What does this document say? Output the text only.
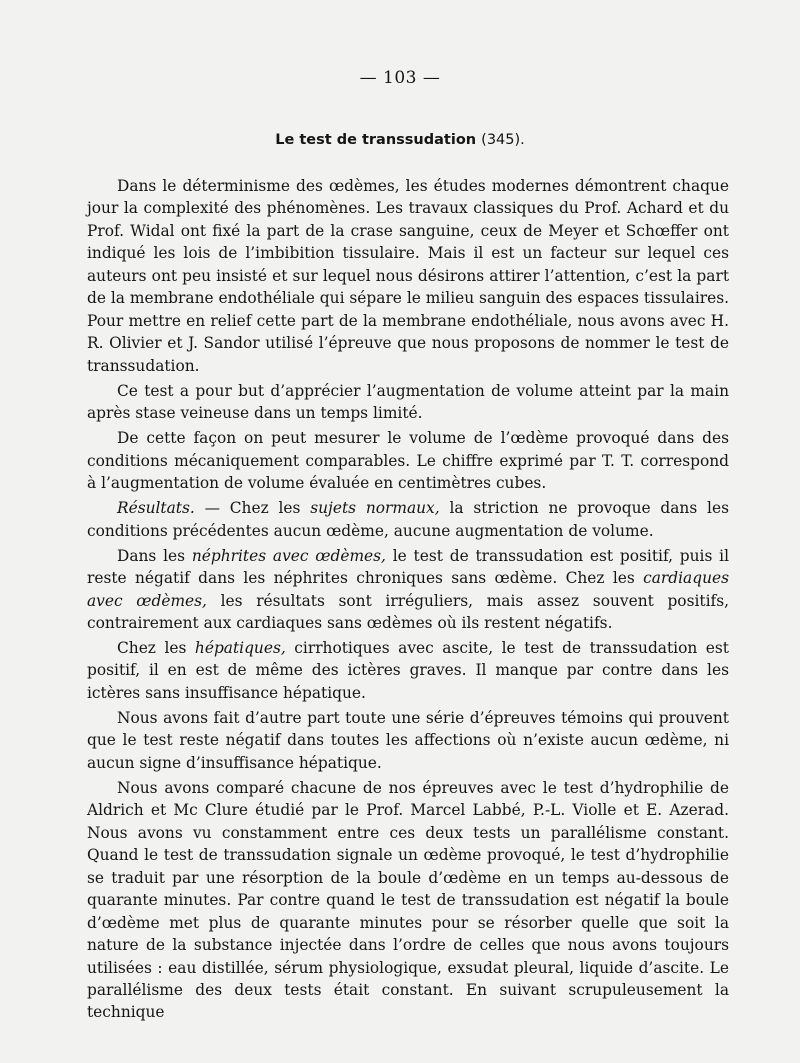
— 103 —
Le test de transsudation (345).

Dans le déterminisme des œdèmes, les études modernes démontrent chaque jour la complexité des phénomènes. Les travaux classiques du Prof. Achard et du Prof. Widal ont fixé la part de la crase sanguine, ceux de Meyer et Schœffer ont indiqué les lois de l’imbibition tissulaire. Mais il est un facteur sur lequel ces auteurs ont peu insisté et sur lequel nous désirons attirer l’attention, c’est la part de la membrane endothéliale qui sépare le milieu sanguin des espaces tissulaires. Pour mettre en relief cette part de la membrane endothéliale, nous avons avec H. R. Olivier et J. Sandor utilisé l’épreuve que nous proposons de nommer le test de transsudation.

Ce test a pour but d’apprécier l’augmentation de volume atteint par la main après stase veineuse dans un temps limité.

De cette façon on peut mesurer le volume de l’œdème provoqué dans des conditions mécaniquement comparables. Le chiffre exprimé par T. T. correspond à l’augmentation de volume évaluée en centimètres cubes.

Résultats. — Chez les sujets normaux, la striction ne provoque dans les conditions précédentes aucun œdème, aucune augmentation de volume.

Dans les néphrites avec œdèmes, le test de transsudation est positif, puis il reste négatif dans les néphrites chroniques sans œdème. Chez les cardiaques avec œdèmes, les résultats sont irréguliers, mais assez souvent positifs, contrairement aux cardiaques sans œdèmes où ils restent négatifs.

Chez les hépatiques, cirrhotiques avec ascite, le test de transsudation est positif, il en est de même des ictères graves. Il manque par contre dans les ictères sans insuffisance hépatique.

Nous avons fait d’autre part toute une série d’épreuves témoins qui prouvent que le test reste négatif dans toutes les affections où n’existe aucun œdème, ni aucun signe d’insuffisance hépatique.

Nous avons comparé chacune de nos épreuves avec le test d’hydrophilie de Aldrich et Mc Clure étudié par le Prof. Marcel Labbé, P.-L. Violle et E. Azerad. Nous avons vu constamment entre ces deux tests un parallélisme constant. Quand le test de transsudation signale un œdème provoqué, le test d’hydrophilie se traduit par une résorption de la boule d’œdème en un temps au-dessous de quarante minutes. Par contre quand le test de transsudation est négatif la boule d’œdème met plus de quarante minutes pour se résorber quelle que soit la nature de la substance injectée dans l’ordre de celles que nous avons toujours utilisées : eau distillée, sérum physiologique, exsudat pleural, liquide d’ascite. Le parallélisme des deux tests était constant. En suivant scrupuleusement la technique
